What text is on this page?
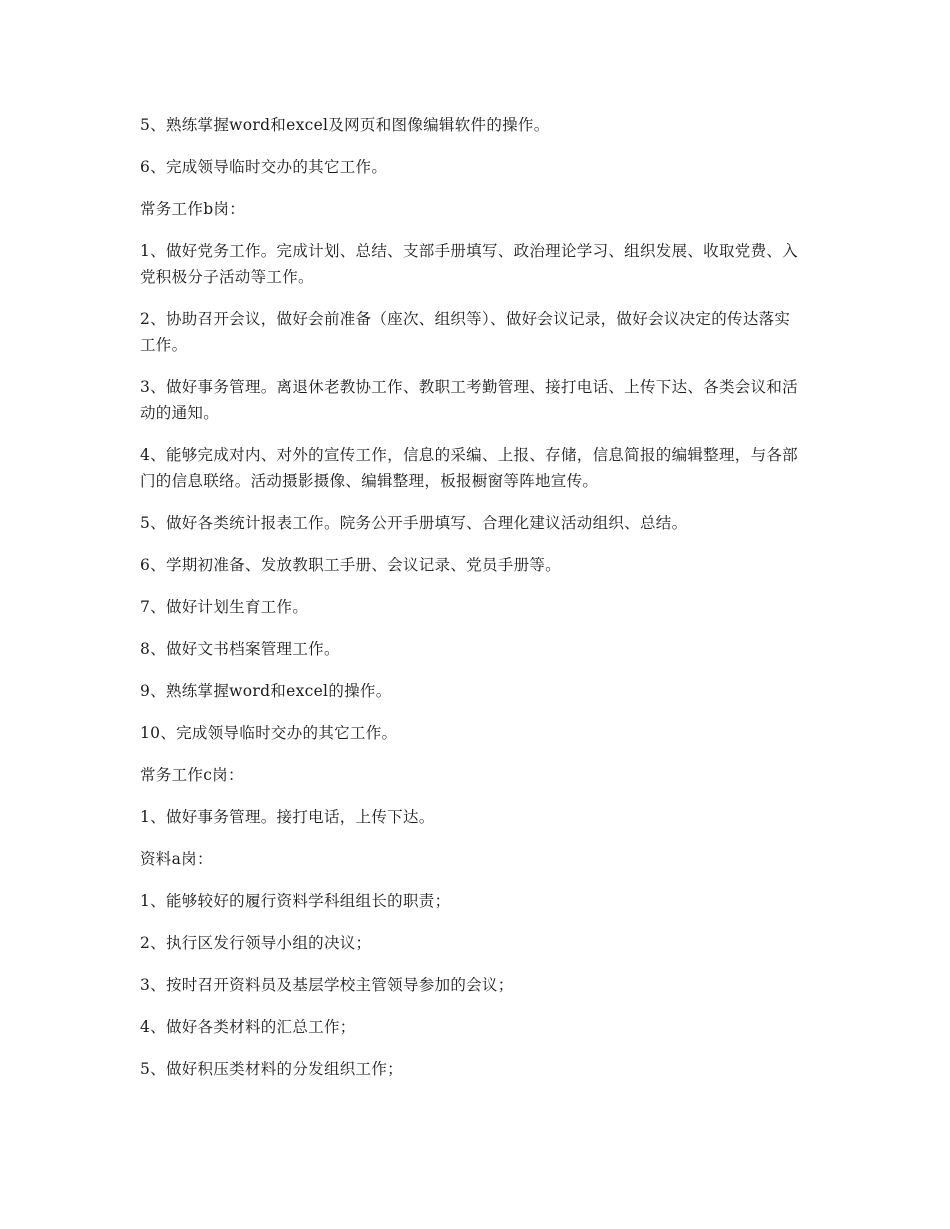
5、熟练掌握word和excel及网页和图像编辑软件的操作。

6、完成领导临时交办的其它工作。

常务工作b岗：

1、做好党务工作。完成计划、总结、支部手册填写、政治理论学习、组织发展、收取党费、入党积极分子活动等工作。

2、协助召开会议，做好会前准备（座次、组织等）、做好会议记录，做好会议决定的传达落实工作。

3、做好事务管理。离退休老教协工作、教职工考勤管理、接打电话、上传下达、各类会议和活动的通知。

4、能够完成对内、对外的宣传工作，信息的采编、上报、存储，信息简报的编辑整理，与各部门的信息联络。活动摄影摄像、编辑整理，板报橱窗等阵地宣传。

5、做好各类统计报表工作。院务公开手册填写、合理化建议活动组织、总结。

6、学期初准备、发放教职工手册、会议记录、党员手册等。

7、做好计划生育工作。

8、做好文书档案管理工作。

9、熟练掌握word和excel的操作。

10、完成领导临时交办的其它工作。

常务工作c岗：

1、做好事务管理。接打电话，上传下达。

资料a岗：

1、能够较好的履行资料学科组组长的职责；

2、执行区发行领导小组的决议；

3、按时召开资料员及基层学校主管领导参加的会议；

4、做好各类材料的汇总工作；

5、做好积压类材料的分发组织工作；
